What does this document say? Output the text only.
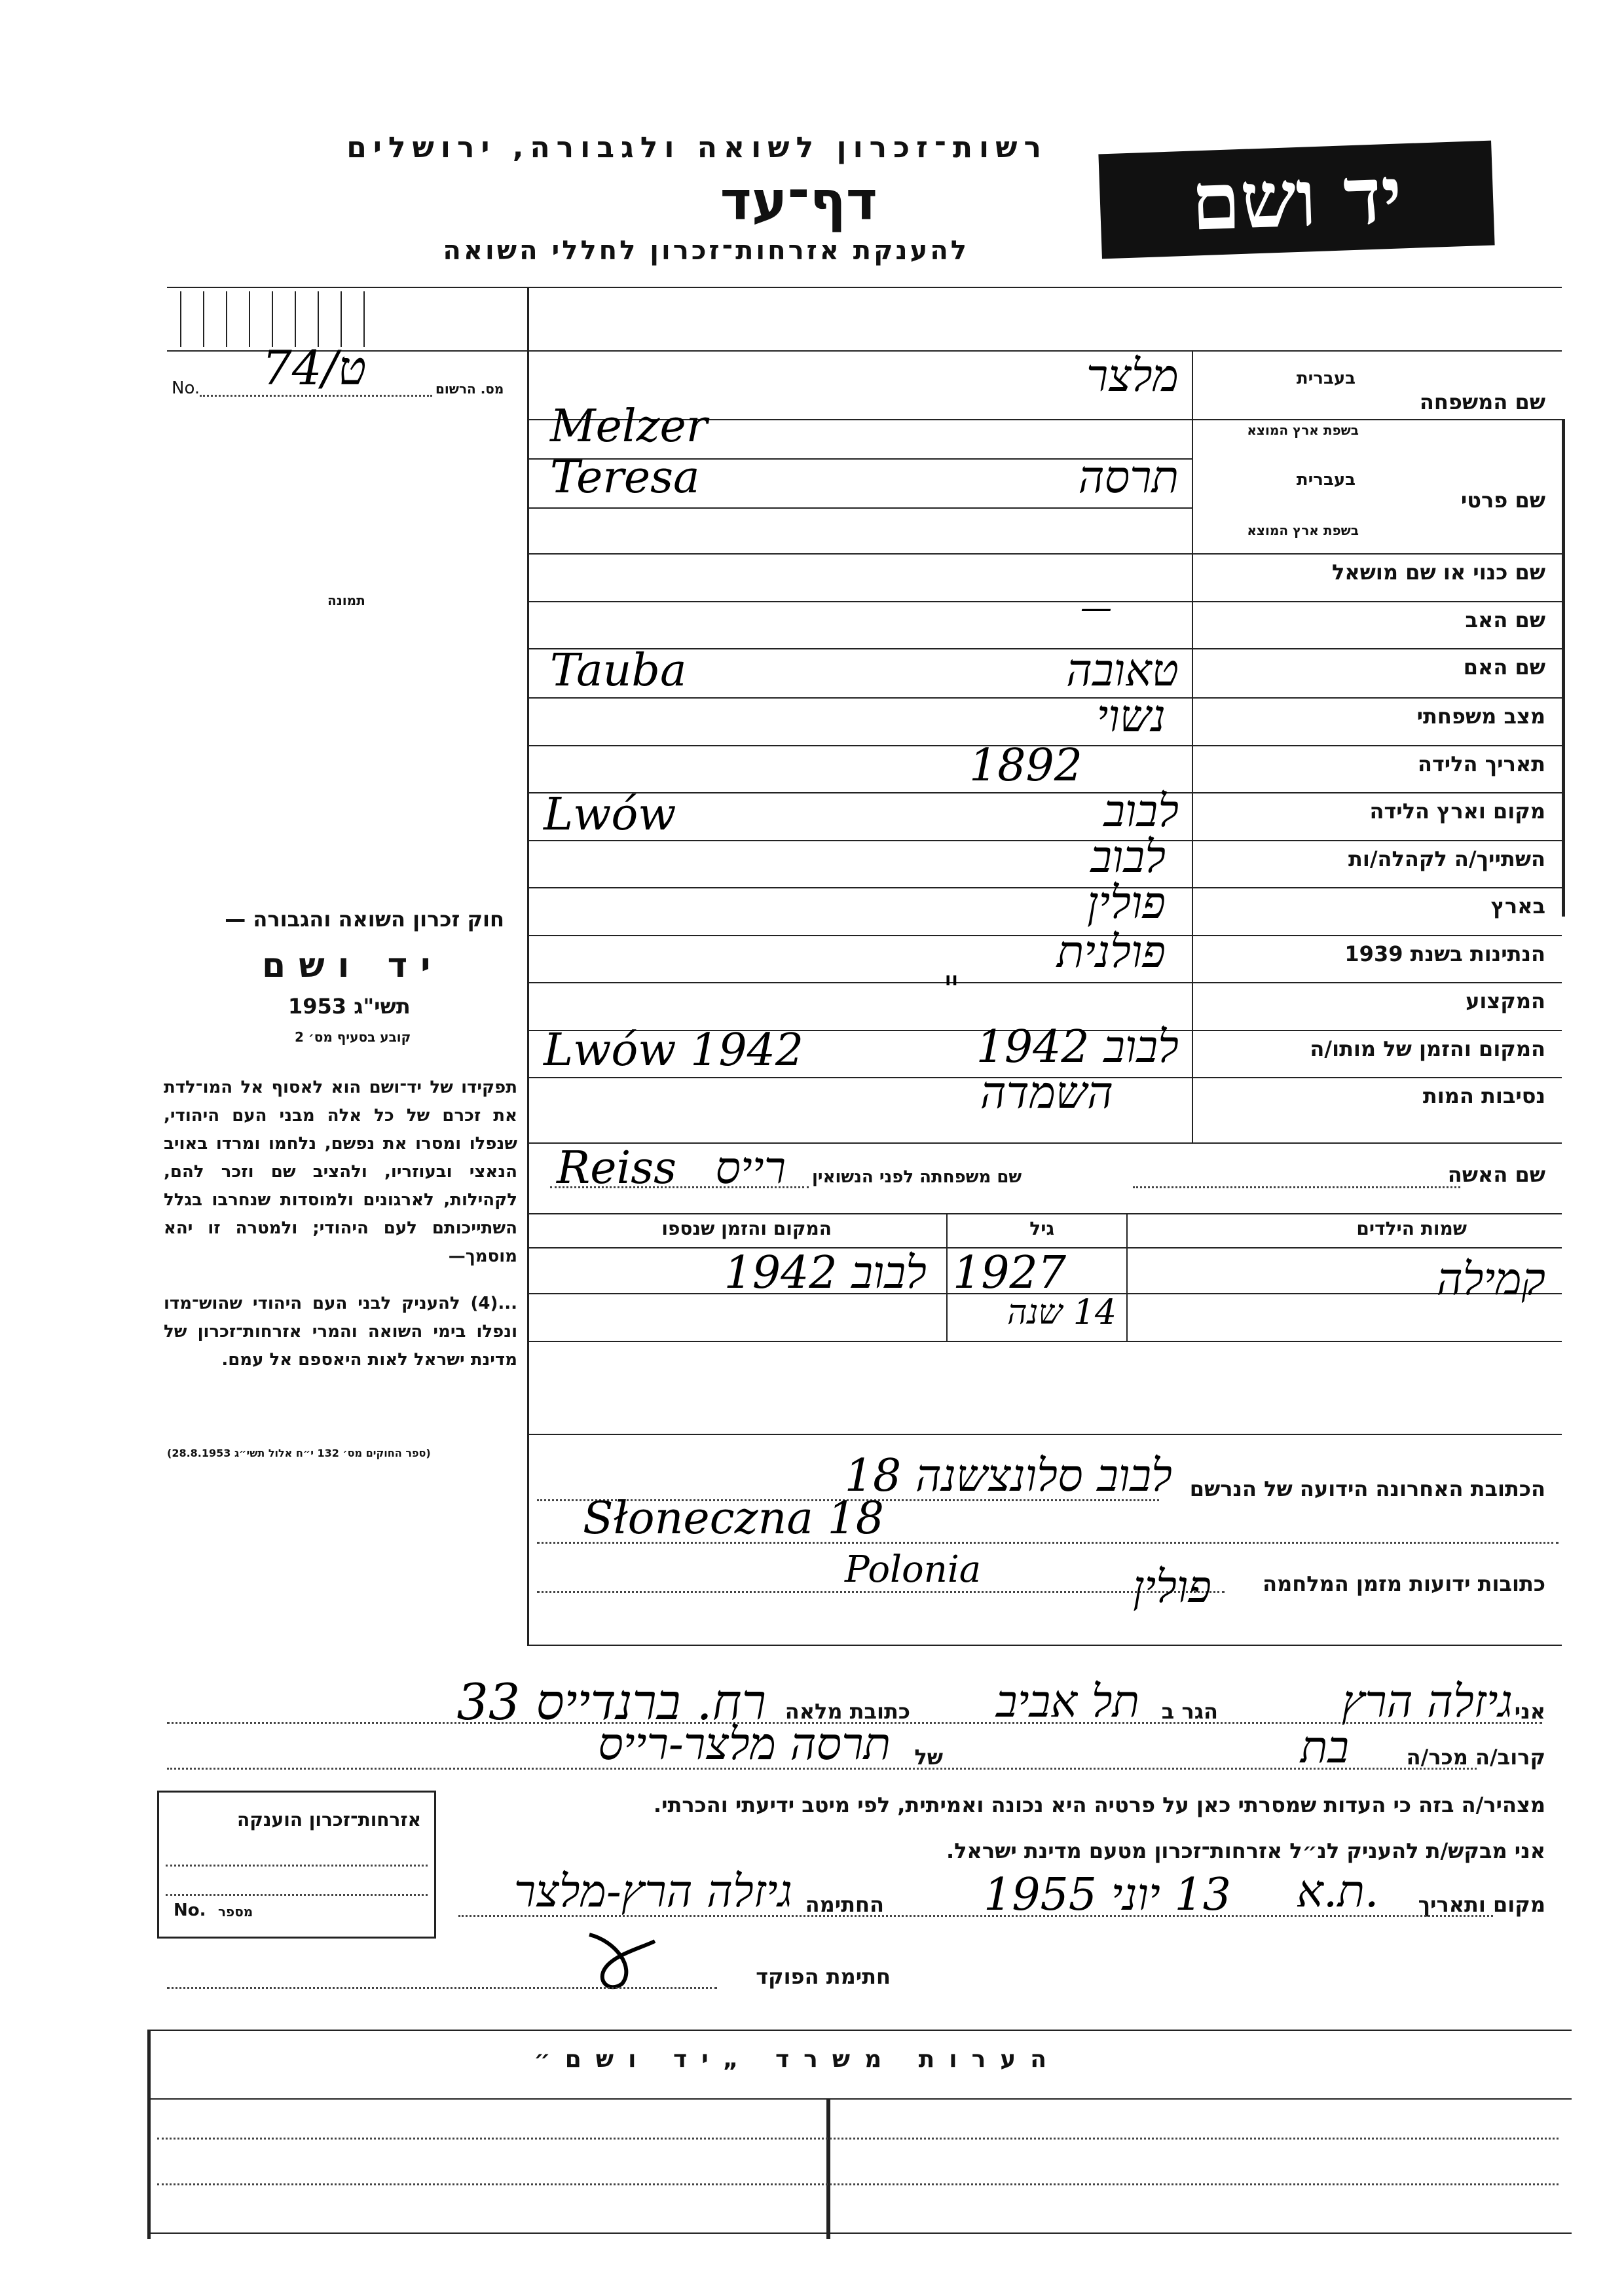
רשות־זכרון לשואה ולגבורה, ירושלים
דף־עד
להענקת אזרחות־זכרון לחללי השואה
יד ושם
No.	מס. הרשום
74/ט
תמונה
בעברית
שם המשפחה
בשפת ארץ המוצא
בעברית
שם פרטי
בשפת ארץ המוצא
שם כנוי או שם מושאל
שם האב
שם האם
מצב משפחתי
תאריך הלידה
מקום וארץ הלידה
השתייך/ה לקהלה/ות
בארץ
הנתינות בשנת 1939
המקצוע
המקום והזמן של מותו/ה
נסיבות המות
מלצר
Melzer
תרסה
Teresa
—
טאובה
Tauba
נשוי
1892
לבוב
Lwów
לבוב
פולין
פולנית
"
לבוב 1942
Lwów 1942
השמדה
שם האשה
שם משפחתה לפני הנשואין
Reiss רייס
שמות הילדים
גיל
המקום והזמן שנספו
קמילה
1927
14 שנה
לבוב 1942
חוק זכרון השואה והגבורה —
יד ושם
תשי"ג 1953
קובע בסעיף מס׳ 2
תפקידו של יד־ושם הוא לאסוף אל המו־לדת את זכרם של כל אלה מבני העם היהודי, שנפלו ומסרו את נפשם, נלחמו ומרדו באויב הנאצי ובעוזריו, ולהציב שם וזכר להם, לקהילות, לארגונים ולמוסדות שנחרבו בגלל השתייכותם לעם היהודי; ולמטרה זו יהא מוסמך—
...(4) להעניק לבני העם היהודי שהוש־מדו ונפלו בימי השואה והמרי אזרחות־זכרון של מדינת ישראל לאות היאספם אל עמם.
(ספר החוקים מס׳ 132 י״ח אלול תשי״ג 28.8.1953)
הכתובת האחרונה הידועה של הנרשם
לבוב סלונצשנה 18
Słoneczna 18
כתובות ידועות מזמן המלחמה
Polonia	פולין
אני
גיזלה הרץ
הגר ב
תל אביב
כתובת מלאה
רח. ברנדייס 33
קרוב/ה מכר/ה
בת
של
תרסה מלצר-רייס
מצהיר/ה בזה כי העדות שמסרתי כאן על פרטיה היא נכונה ואמיתית, לפי מיטב ידיעתי והכרתי.
אני מבקש/ת להעניק לנ״ל אזרחות־זכרון מטעם מדינת ישראל.
מקום ותאריך
ת.א.
13 יוני 1955
החתימה
גיזלה הרץ-מלצר
חתימת הפוקד
אזרחות־זכרון הוענקה
No. מספר
הערות משרד „יד ושם״
